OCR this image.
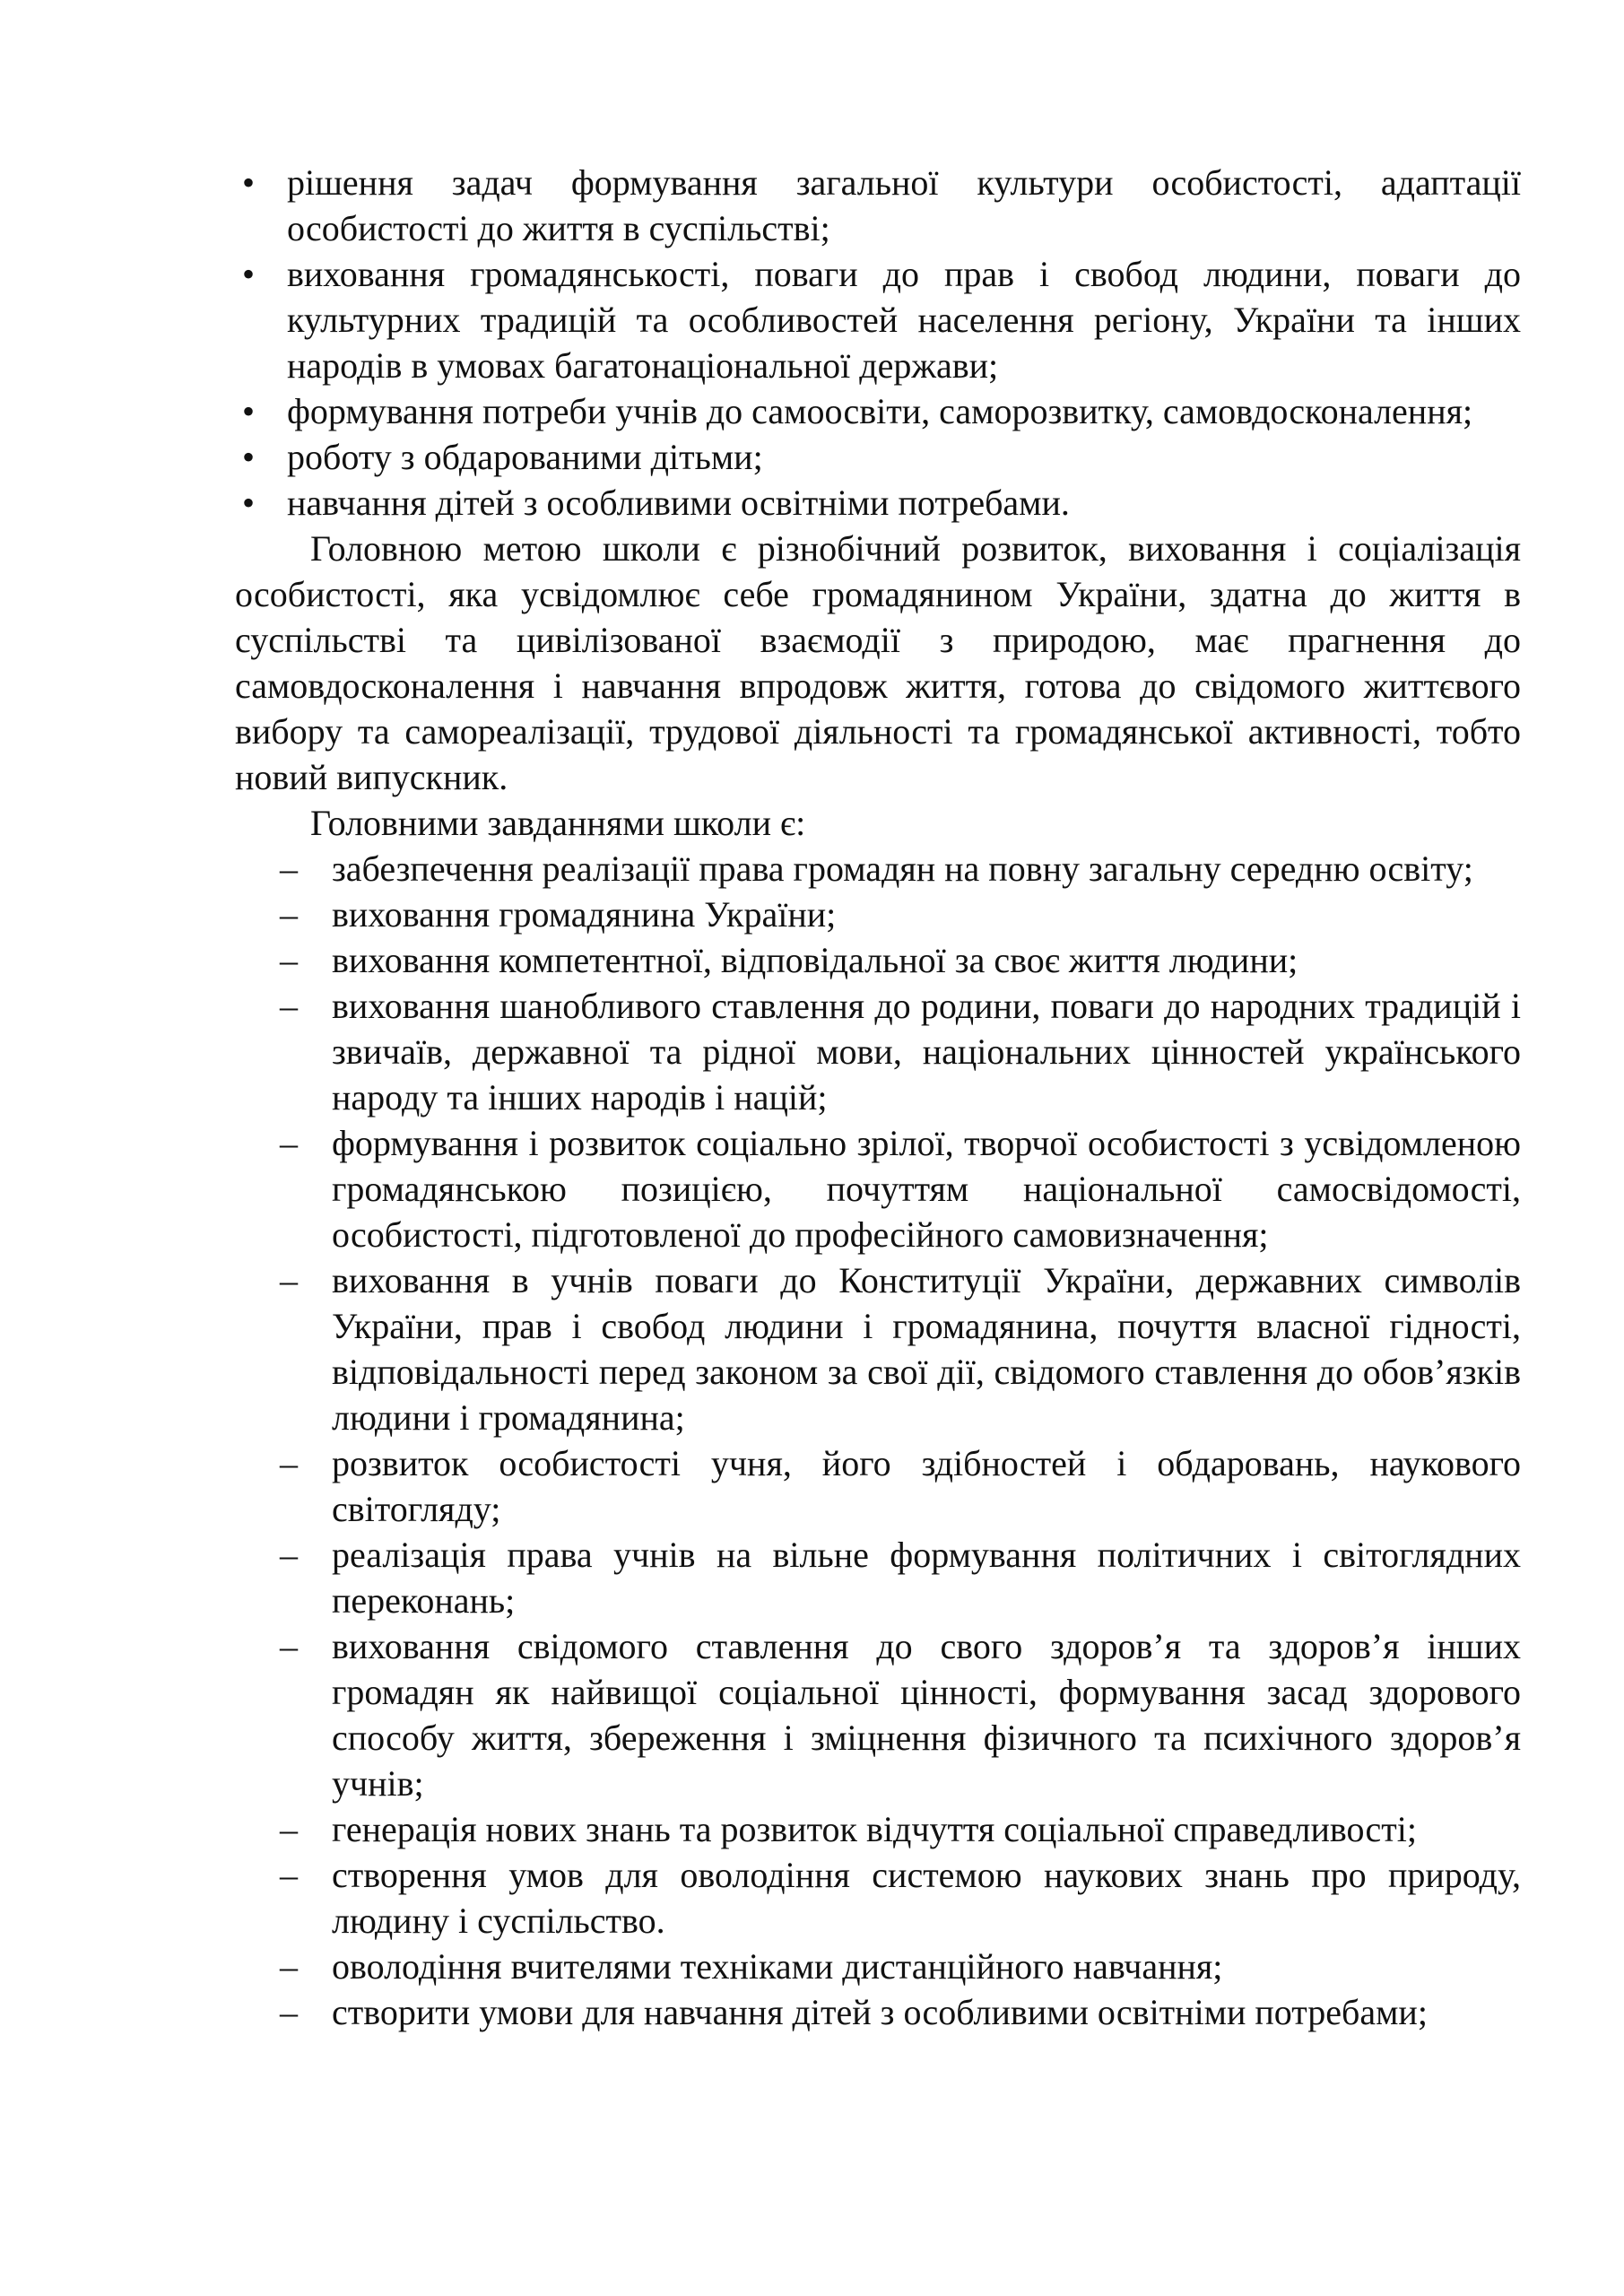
• рішення задач формування загальної культури особистості, адаптації особистості до життя в суспільстві;
• виховання громадянськості, поваги до прав і свобод людини, поваги до культурних традицій та особливостей населення регіону, України та інших народів в умовах багатонаціональної держави;
• формування потреби учнів до самоосвіти, саморозвитку, самовдосконалення;
• роботу з обдарованими дітьми;
• навчання дітей з особливими освітніми потребами.

Головною метою школи є різнобічний розвиток, виховання і соціалізація особистості, яка усвідомлює себе громадянином України, здатна до життя в суспільстві та цивілізованої взаємодії з природою, має прагнення до самовдосконалення і навчання впродовж життя, готова до свідомого життєвого вибору та самореалізації, трудової діяльності та громадянської активності, тобто новий випускник.

Головними завданнями школи є:

– забезпечення реалізації права громадян на повну загальну середню освіту;
– виховання громадянина України;
– виховання компетентної, відповідальної за своє життя людини;
– виховання шанобливого ставлення до родини, поваги до народних традицій і звичаїв, державної та рідної мови, національних цінностей українського народу та інших народів і націй;
– формування і розвиток соціально зрілої, творчої особистості з усвідомленою громадянською позицією, почуттям національної самосвідомості, особистості, підготовленої до професійного самовизначення;
– виховання в учнів поваги до Конституції України, державних символів України, прав і свобод людини і громадянина, почуття власної гідності, відповідальності перед законом за свої дії, свідомого ставлення до обов’язків людини і громадянина;
– розвиток особистості учня, його здібностей і обдаровань, наукового світогляду;
– реалізація права учнів на вільне формування політичних і світоглядних переконань;
– виховання свідомого ставлення до свого здоров’я та здоров’я інших громадян як найвищої соціальної цінності, формування засад здорового способу життя, збереження і зміцнення фізичного та психічного здоров’я учнів;
– генерація нових знань та розвиток відчуття соціальної справедливості;
– створення умов для оволодіння системою наукових знань про природу, людину і суспільство.
– оволодіння вчителями техніками дистанційного навчання;
– створити умови для навчання дітей з особливими освітніми потребами;
